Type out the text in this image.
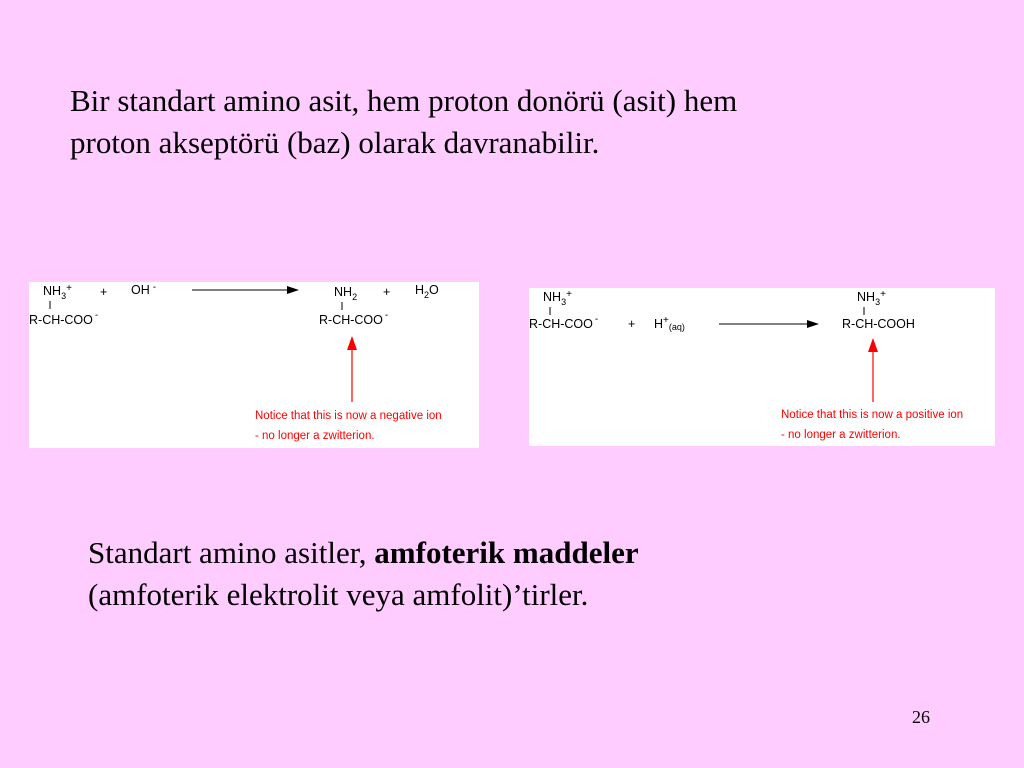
Bir standart amino asit, hem proton donörü (asit) hem
proton akseptörü (baz) olarak davranabilir.
$NH_3^+$
R-CH-COO -
+ OH -	$NH_2$
R-CH-COO -
+ $H_2O$
Notice that this is now a negative ion
- no longer a zwitterion.
$NH_3^+$
R-CH-COO $^- + H^+_{(aq)}$
$NH_3^+$
R-CH-COOH
Notice that this is now a positive ion
- no longer a zwitterion.
Standart amino asitler, amfoterik maddeler
(amfoterik elektrolit veya amfolit)’tirler.
26
